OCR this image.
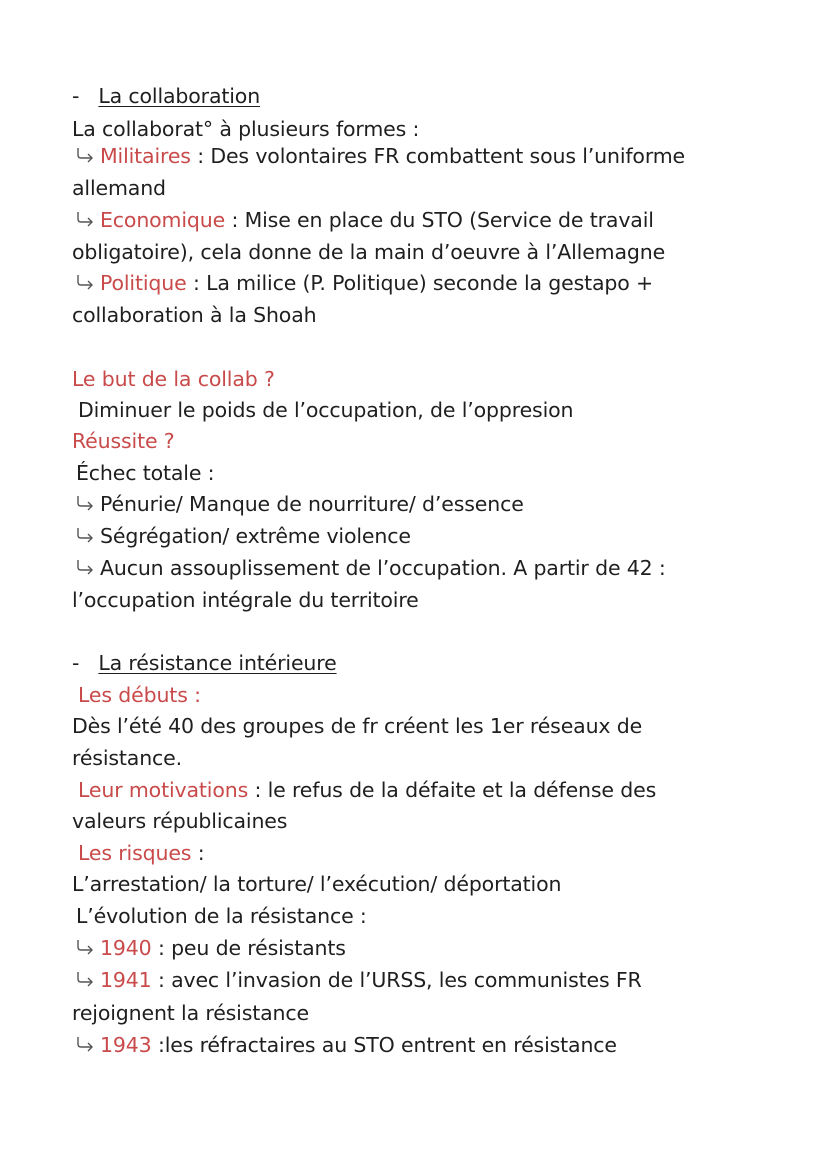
- La collaboration
La collaborat° à plusieurs formes :
Militaires : Des volontaires FR combattent sous l’uniforme
allemand
Economique : Mise en place du STO (Service de travail
obligatoire), cela donne de la main d’oeuvre à l’Allemagne
Politique : La milice (P. Politique) seconde la gestapo +
collaboration à la Shoah
Le but de la collab ?
Diminuer le poids de l’occupation, de l’oppresion
Réussite ?
Échec totale :
Pénurie/ Manque de nourriture/ d’essence
Ségrégation/ extrême violence
Aucun assouplissement de l’occupation. A partir de 42 :
l’occupation intégrale du territoire
- La résistance intérieure
Les débuts :
Dès l’été 40 des groupes de fr créent les 1er réseaux de
résistance.
Leur motivations : le refus de la défaite et la défense des
valeurs républicaines
Les risques :
L’arrestation/ la torture/ l’exécution/ déportation
L’évolution de la résistance :
1940 : peu de résistants
1941 : avec l’invasion de l’URSS, les communistes FR
rejoignent la résistance
1943 :les réfractaires au STO entrent en résistance
